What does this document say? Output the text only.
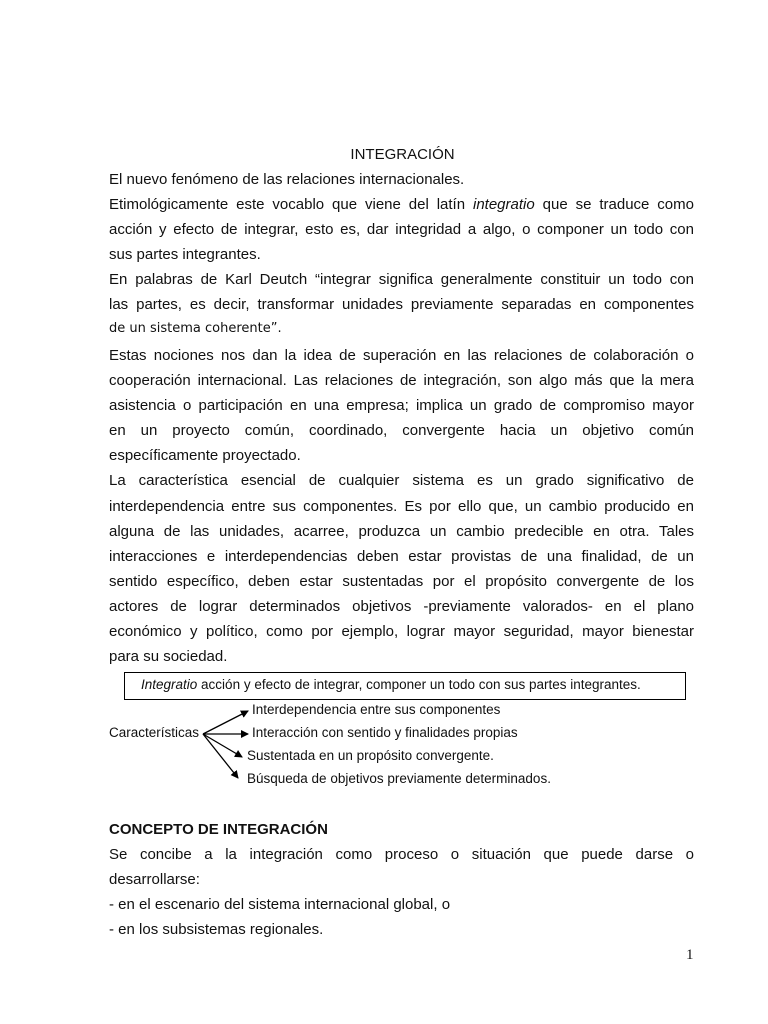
INTEGRACIÓN
El nuevo fenómeno de las relaciones internacionales.
Etimológicamente este vocablo que viene del latín integratio que se traduce como
acción y efecto de integrar, esto es, dar integridad a algo, o componer un todo con
sus partes integrantes.
En palabras de Karl Deutch “integrar significa generalmente constituir un todo con
las partes, es decir, transformar unidades previamente separadas en componentes
de un sistema coherente”.
Estas nociones nos dan la idea de superación en las relaciones de colaboración o
cooperación internacional. Las relaciones de integración, son algo más que la mera
asistencia o participación en una empresa; implica un grado de compromiso mayor
en un proyecto común, coordinado, convergente hacia un objetivo común
específicamente proyectado.
La característica esencial de cualquier sistema es un grado significativo de
interdependencia entre sus componentes. Es por ello que, un cambio producido en
alguna de las unidades, acarree, produzca un cambio predecible en otra. Tales
interacciones e interdependencias deben estar provistas de una finalidad, de un
sentido específico, deben estar sustentadas por el propósito convergente de los
actores de lograr determinados objetivos -previamente valorados- en el plano
económico y político, como por ejemplo, lograr mayor seguridad, mayor bienestar
para su sociedad.
Integratio acción y efecto de integrar, componer un todo con sus partes integrantes.
Características
Interdependencia entre sus componentes
Interacción con sentido y finalidades propias
Sustentada en un propósito convergente.
Búsqueda de objetivos previamente determinados.
CONCEPTO DE INTEGRACIÓN
Se concibe a la integración como proceso o situación que puede darse o
desarrollarse:
- en el escenario del sistema internacional global, o
- en los subsistemas regionales.
1
